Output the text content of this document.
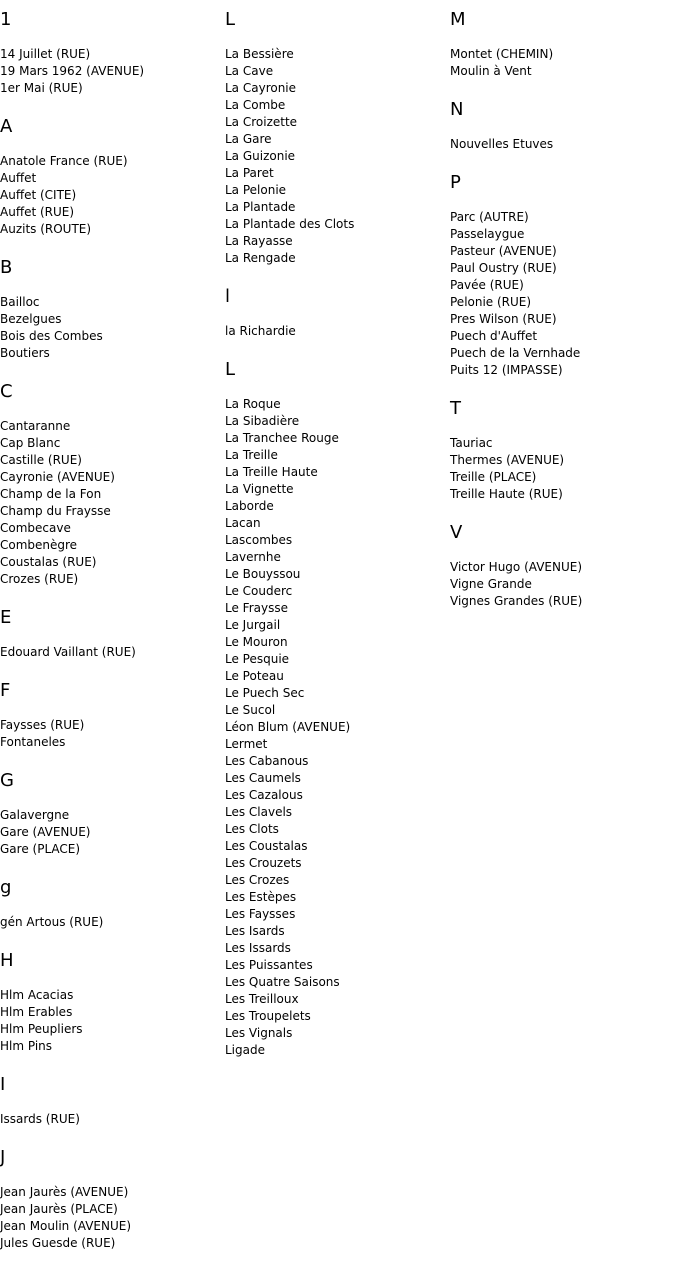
1
14 Juillet (RUE)
19 Mars 1962 (AVENUE)
1er Mai (RUE)
A
Anatole France (RUE)
Auffet
Auffet (CITE)
Auffet (RUE)
Auzits (ROUTE)
B
Bailloc
Bezelgues
Bois des Combes
Boutiers
C
Cantaranne
Cap Blanc
Castille (RUE)
Cayronie (AVENUE)
Champ de la Fon
Champ du Fraysse
Combecave
Combenègre
Coustalas (RUE)
Crozes (RUE)
E
Edouard Vaillant (RUE)
F
Faysses (RUE)
Fontaneles
G
Galavergne
Gare (AVENUE)
Gare (PLACE)
g
gén Artous (RUE)
H
Hlm Acacias
Hlm Erables
Hlm Peupliers
Hlm Pins
I
Issards (RUE)
J
Jean Jaurès (AVENUE)
Jean Jaurès (PLACE)
Jean Moulin (AVENUE)
Jules Guesde (RUE)
L
La Bessière
La Cave
La Cayronie
La Combe
La Croizette
La Gare
La Guizonie
La Paret
La Pelonie
La Plantade
La Plantade des Clots
La Rayasse
La Rengade
l
la Richardie
L
La Roque
La Sibadière
La Tranchee Rouge
La Treille
La Treille Haute
La Vignette
Laborde
Lacan
Lascombes
Lavernhe
Le Bouyssou
Le Couderc
Le Fraysse
Le Jurgail
Le Mouron
Le Pesquie
Le Poteau
Le Puech Sec
Le Sucol
Léon Blum (AVENUE)
Lermet
Les Cabanous
Les Caumels
Les Cazalous
Les Clavels
Les Clots
Les Coustalas
Les Crouzets
Les Crozes
Les Estèpes
Les Faysses
Les Isards
Les Issards
Les Puissantes
Les Quatre Saisons
Les Treilloux
Les Troupelets
Les Vignals
Ligade
M
Montet (CHEMIN)
Moulin à Vent
N
Nouvelles Etuves
P
Parc (AUTRE)
Passelaygue
Pasteur (AVENUE)
Paul Oustry (RUE)
Pavée (RUE)
Pelonie (RUE)
Pres Wilson (RUE)
Puech d'Auffet
Puech de la Vernhade
Puits 12 (IMPASSE)
T
Tauriac
Thermes (AVENUE)
Treille (PLACE)
Treille Haute (RUE)
V
Victor Hugo (AVENUE)
Vigne Grande
Vignes Grandes (RUE)
